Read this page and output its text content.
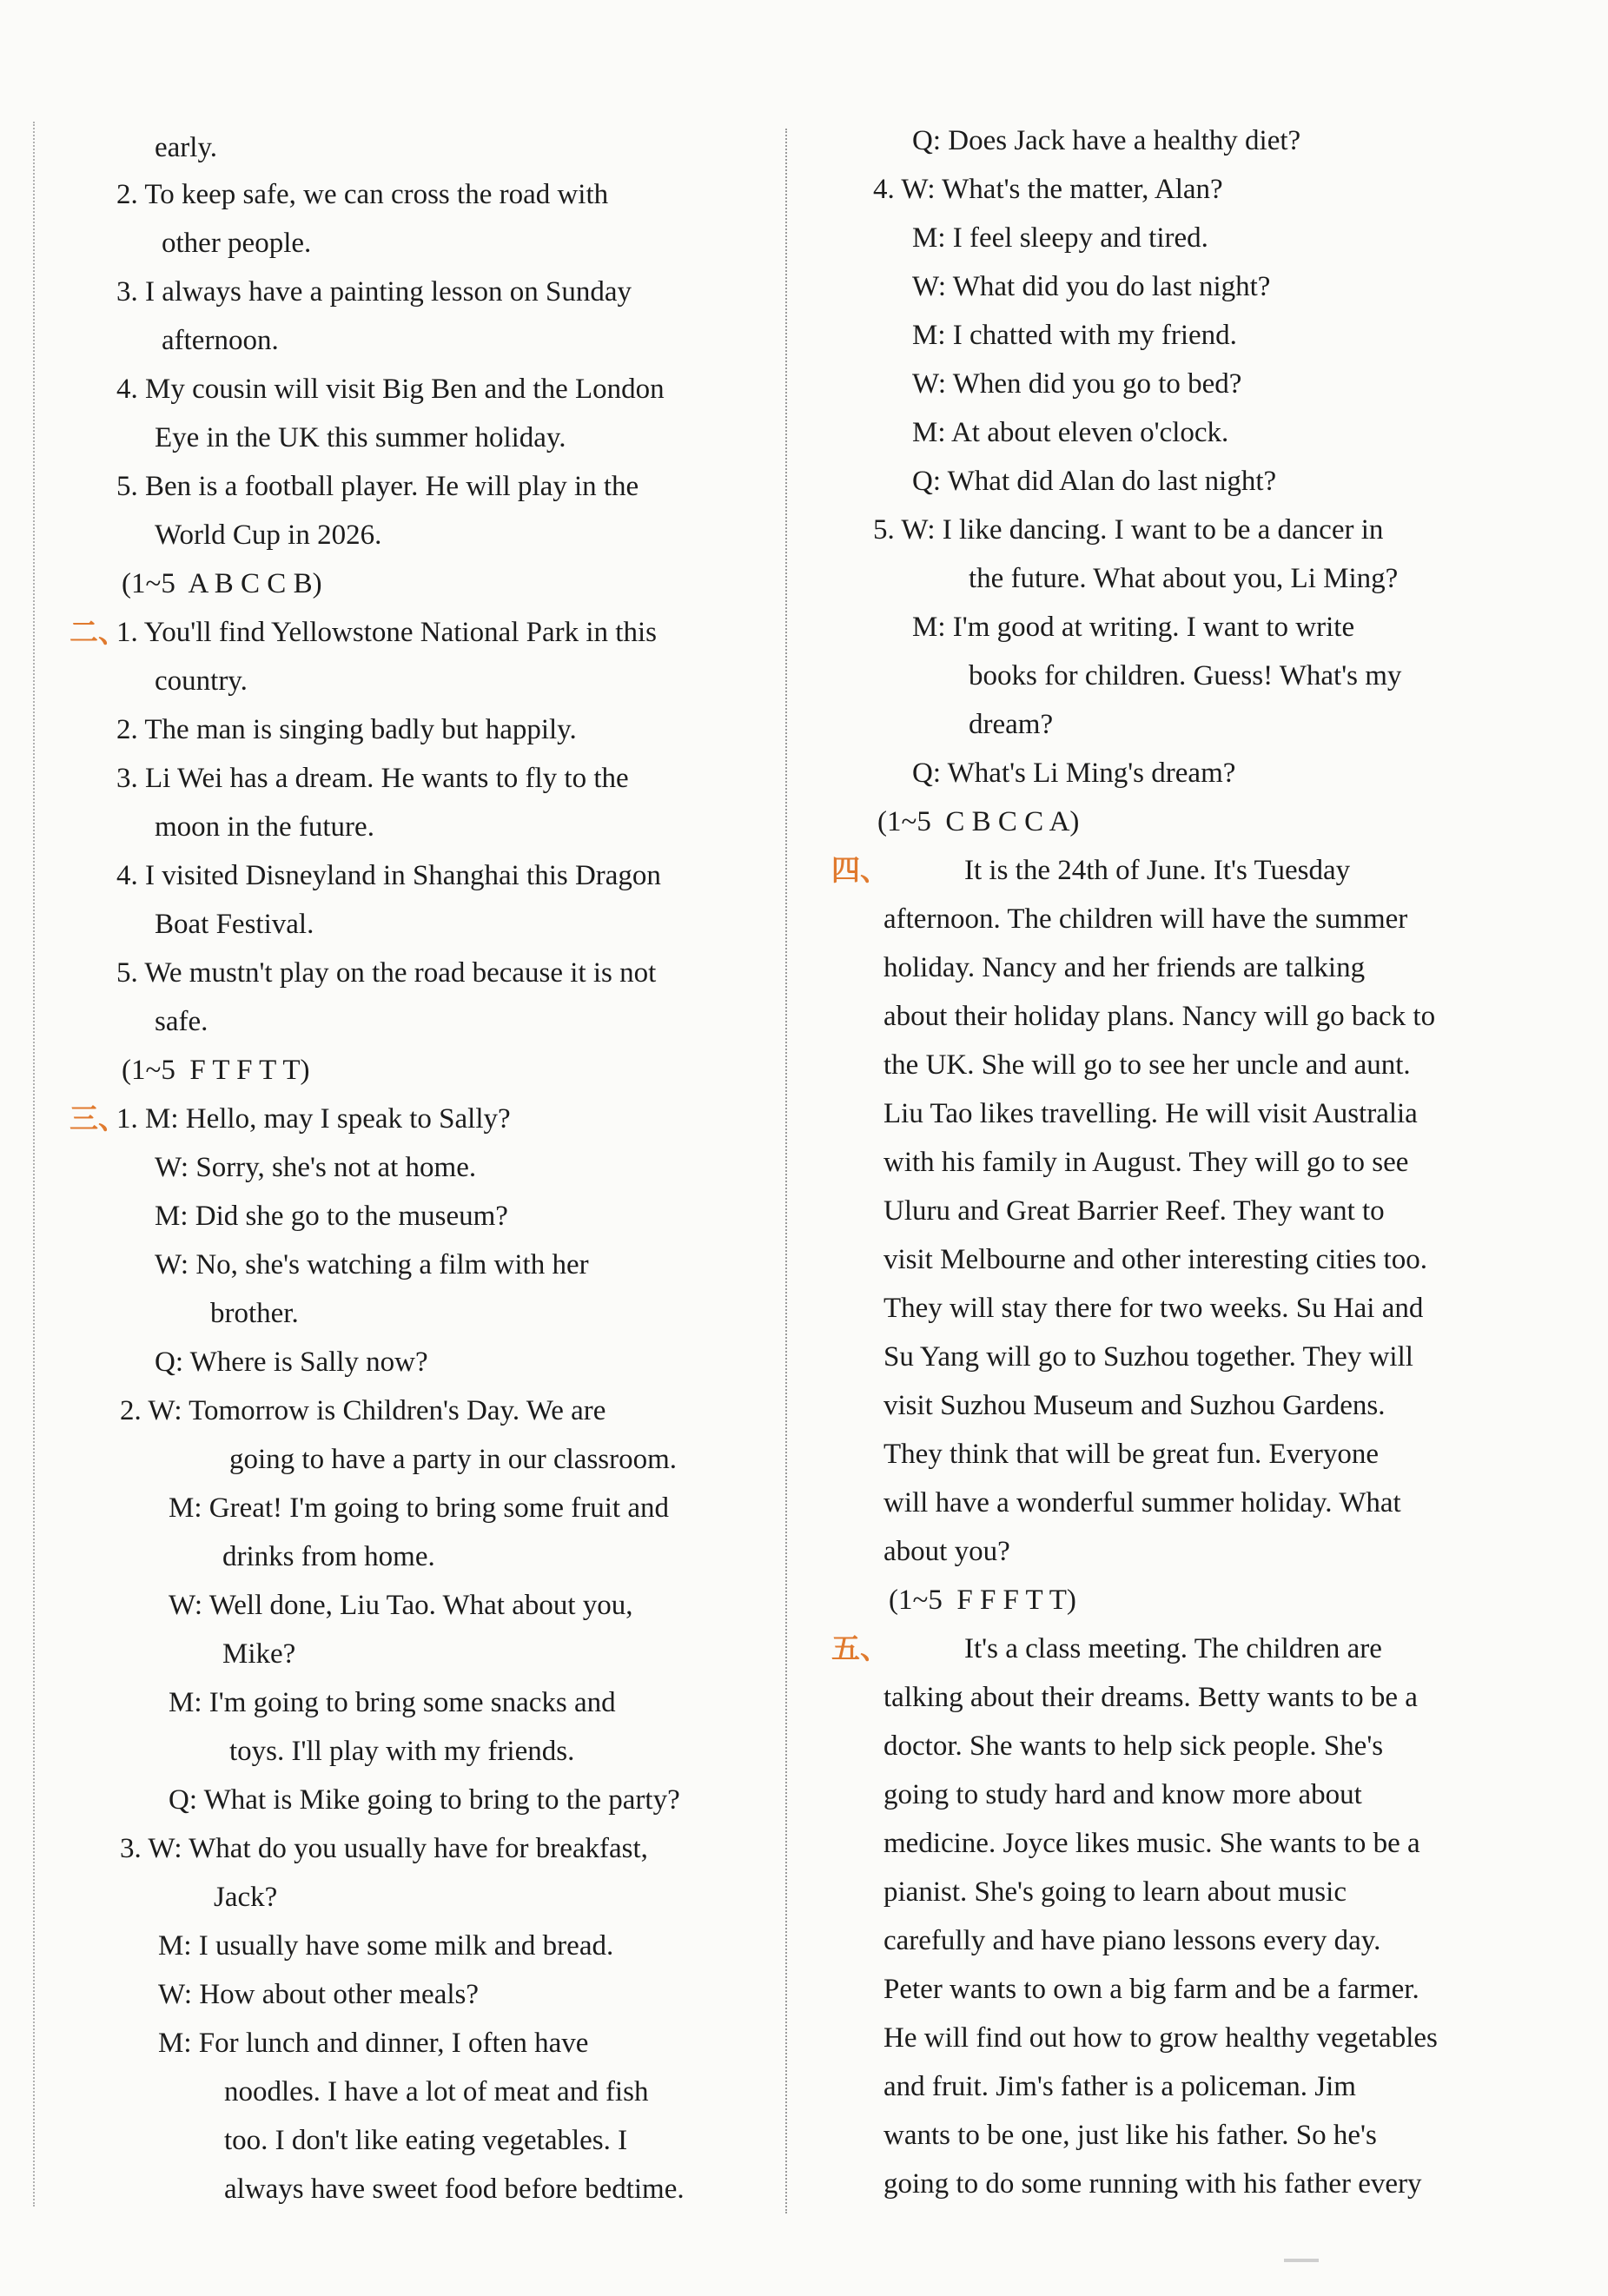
二、
三、
early.
2. To keep safe, we can cross the road with
other people.
3. I always have a painting lesson on Sunday
afternoon.
4. My cousin will visit Big Ben and the London
Eye in the UK this summer holiday.
5. Ben is a football player. He will play in the
World Cup in 2026.
(1~5  A B C C B)
1. You'll find Yellowstone National Park in this
country.
2. The man is singing badly but happily.
3. Li Wei has a dream. He wants to fly to the
moon in the future.
4. I visited Disneyland in Shanghai this Dragon
Boat Festival.
5. We mustn't play on the road because it is not
safe.
(1~5  F T F T T)
1. M: Hello, may I speak to Sally?
W: Sorry, she's not at home.
M: Did she go to the museum?
W: No, she's watching a film with her
brother.
Q: Where is Sally now?
2. W: Tomorrow is Children's Day. We are
going to have a party in our classroom.
M: Great! I'm going to bring some fruit and
drinks from home.
W: Well done, Liu Tao. What about you,
Mike?
M: I'm going to bring some snacks and
toys. I'll play with my friends.
Q: What is Mike going to bring to the party?
3. W: What do you usually have for breakfast,
Jack?
M: I usually have some milk and bread.
W: How about other meals?
M: For lunch and dinner, I often have
noodles. I have a lot of meat and fish
too. I don't like eating vegetables. I
always have sweet food before bedtime.
四、
五、
Q: Does Jack have a healthy diet?
4. W: What's the matter, Alan?
M: I feel sleepy and tired.
W: What did you do last night?
M: I chatted with my friend.
W: When did you go to bed?
M: At about eleven o'clock.
Q: What did Alan do last night?
5. W: I like dancing. I want to be a dancer in
the future. What about you, Li Ming?
M: I'm good at writing. I want to write
books for children. Guess! What's my
dream?
Q: What's Li Ming's dream?
(1~5  C B C C A)
It is the 24th of June. It's Tuesday
afternoon. The children will have the summer
holiday. Nancy and her friends are talking
about their holiday plans. Nancy will go back to
the UK. She will go to see her uncle and aunt.
Liu Tao likes travelling. He will visit Australia
with his family in August. They will go to see
Uluru and Great Barrier Reef. They want to
visit Melbourne and other interesting cities too.
They will stay there for two weeks. Su Hai and
Su Yang will go to Suzhou together. They will
visit Suzhou Museum and Suzhou Gardens.
They think that will be great fun. Everyone
will have a wonderful summer holiday. What
about you?
(1~5  F F F T T)
It's a class meeting. The children are
talking about their dreams. Betty wants to be a
doctor. She wants to help sick people. She's
going to study hard and know more about
medicine. Joyce likes music. She wants to be a
pianist. She's going to learn about music
carefully and have piano lessons every day.
Peter wants to own a big farm and be a farmer.
He will find out how to grow healthy vegetables
and fruit. Jim's father is a policeman. Jim
wants to be one, just like his father. So he's
going to do some running with his father every
